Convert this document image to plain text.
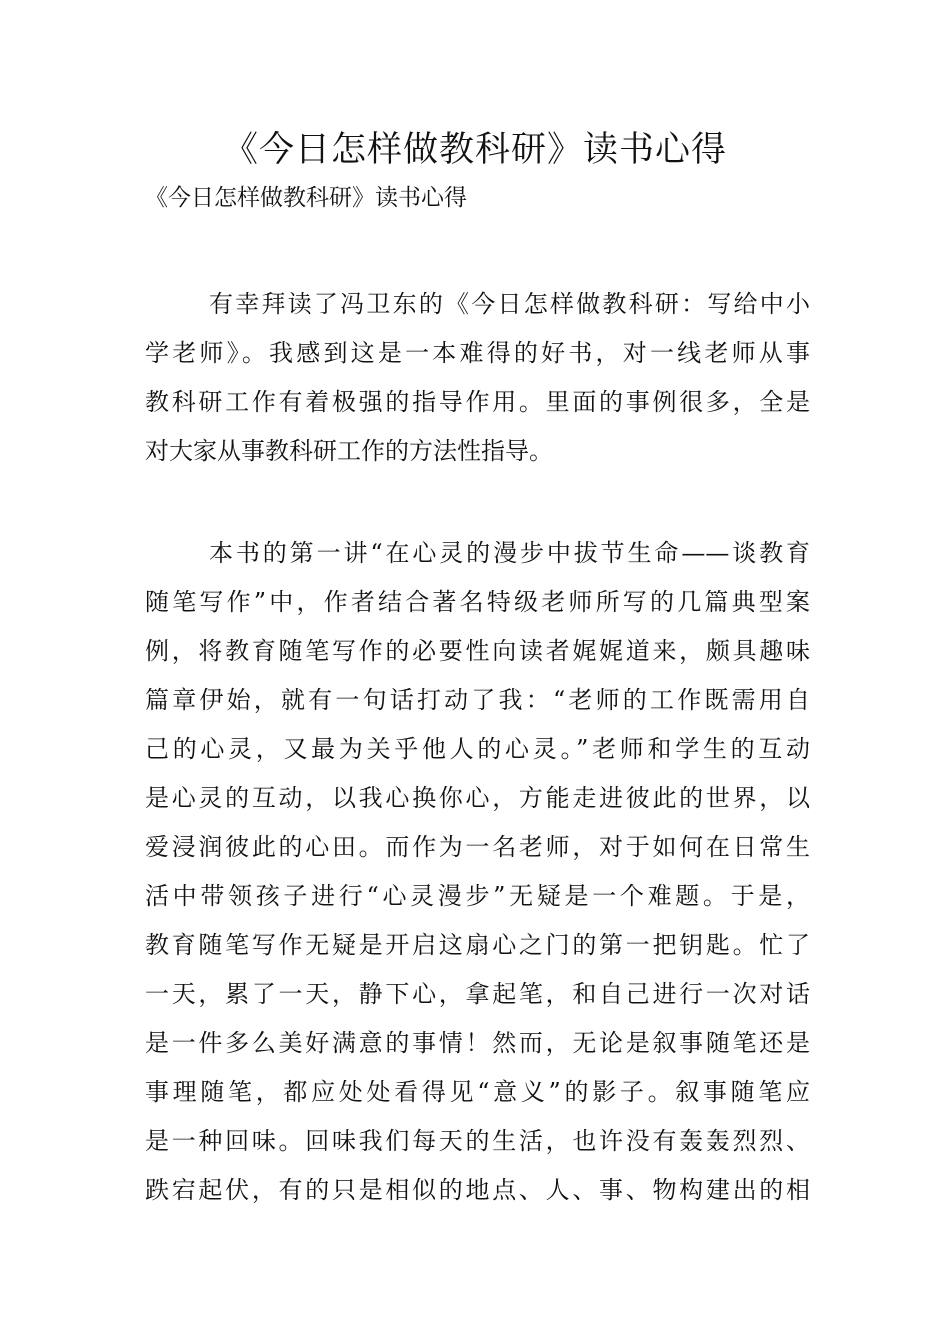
《今日怎样做教科研》读书心得
《今日怎样做教科研》读书心得
有幸拜读了冯卫东的《今日怎样做教科研：写给中小
学老师》。我感到这是一本难得的好书，对一线老师从事
教科研工作有着极强的指导作用。里面的事例很多，全是
对大家从事教科研工作的方法性指导。
本书的第一讲“在心灵的漫步中拔节生命——谈教育
随笔写作”中，作者结合著名特级老师所写的几篇典型案
例，将教育随笔写作的必要性向读者娓娓道来，颇具趣味
篇章伊始，就有一句话打动了我：“老师的工作既需用自
己的心灵，又最为关乎他人的心灵。”老师和学生的互动
是心灵的互动，以我心换你心，方能走进彼此的世界，以
爱浸润彼此的心田。而作为一名老师，对于如何在日常生
活中带领孩子进行“心灵漫步”无疑是一个难题。于是，
教育随笔写作无疑是开启这扇心之门的第一把钥匙。忙了
一天，累了一天，静下心，拿起笔，和自己进行一次对话
是一件多么美好满意的事情！然而，无论是叙事随笔还是
事理随笔，都应处处看得见“意义”的影子。叙事随笔应
是一种回味。回味我们每天的生活，也许没有轰轰烈烈、
跌宕起伏，有的只是相似的地点、人、事、物构建出的相
